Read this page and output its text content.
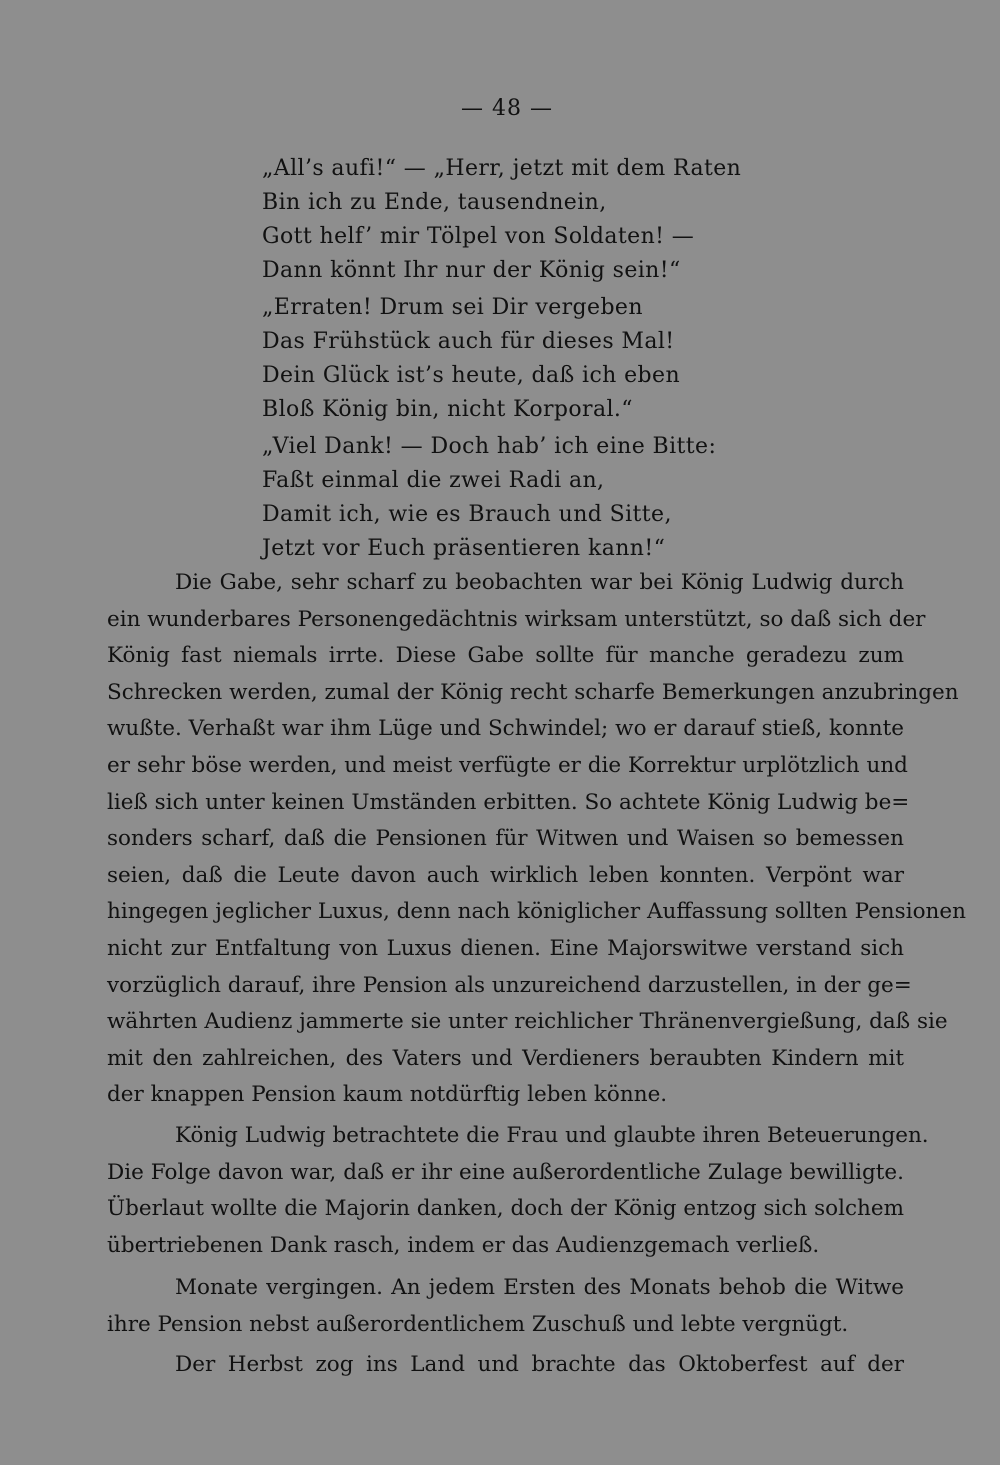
— 48 —
„All’s aufi!“ — „Herr, jetzt mit dem Raten
Bin ich zu Ende, tausendnein,
Gott helf’ mir Tölpel von Soldaten! —
Dann könnt Ihr nur der König sein!“
„Erraten! Drum sei Dir vergeben
Das Frühstück auch für dieses Mal!
Dein Glück ist’s heute, daß ich eben
Bloß König bin, nicht Korporal.“
„Viel Dank! — Doch hab’ ich eine Bitte:
Faßt einmal die zwei Radi an,
Damit ich, wie es Brauch und Sitte,
Jetzt vor Euch präsentieren kann!“
Die Gabe, sehr scharf zu beobachten war bei König Ludwig durch
ein wunderbares Personengedächtnis wirksam unterstützt, so daß sich der
König fast niemals irrte. Diese Gabe sollte für manche geradezu zum
Schrecken werden, zumal der König recht scharfe Bemerkungen anzubringen
wußte. Verhaßt war ihm Lüge und Schwindel; wo er darauf stieß, konnte
er sehr böse werden, und meist verfügte er die Korrektur urplötzlich und
ließ sich unter keinen Umständen erbitten. So achtete König Ludwig be=
sonders scharf, daß die Pensionen für Witwen und Waisen so bemessen
seien, daß die Leute davon auch wirklich leben konnten. Verpönt war
hingegen jeglicher Luxus, denn nach königlicher Auffassung sollten Pensionen
nicht zur Entfaltung von Luxus dienen. Eine Majorswitwe verstand sich
vorzüglich darauf, ihre Pension als unzureichend darzustellen, in der ge=
währten Audienz jammerte sie unter reichlicher Thränenvergießung, daß sie
mit den zahlreichen, des Vaters und Verdieners beraubten Kindern mit
der knappen Pension kaum notdürftig leben könne.
König Ludwig betrachtete die Frau und glaubte ihren Beteuerungen.
Die Folge davon war, daß er ihr eine außerordentliche Zulage bewilligte.
Überlaut wollte die Majorin danken, doch der König entzog sich solchem
übertriebenen Dank rasch, indem er das Audienzgemach verließ.
Monate vergingen. An jedem Ersten des Monats behob die Witwe
ihre Pension nebst außerordentlichem Zuschuß und lebte vergnügt.
Der Herbst zog ins Land und brachte das Oktoberfest auf der
